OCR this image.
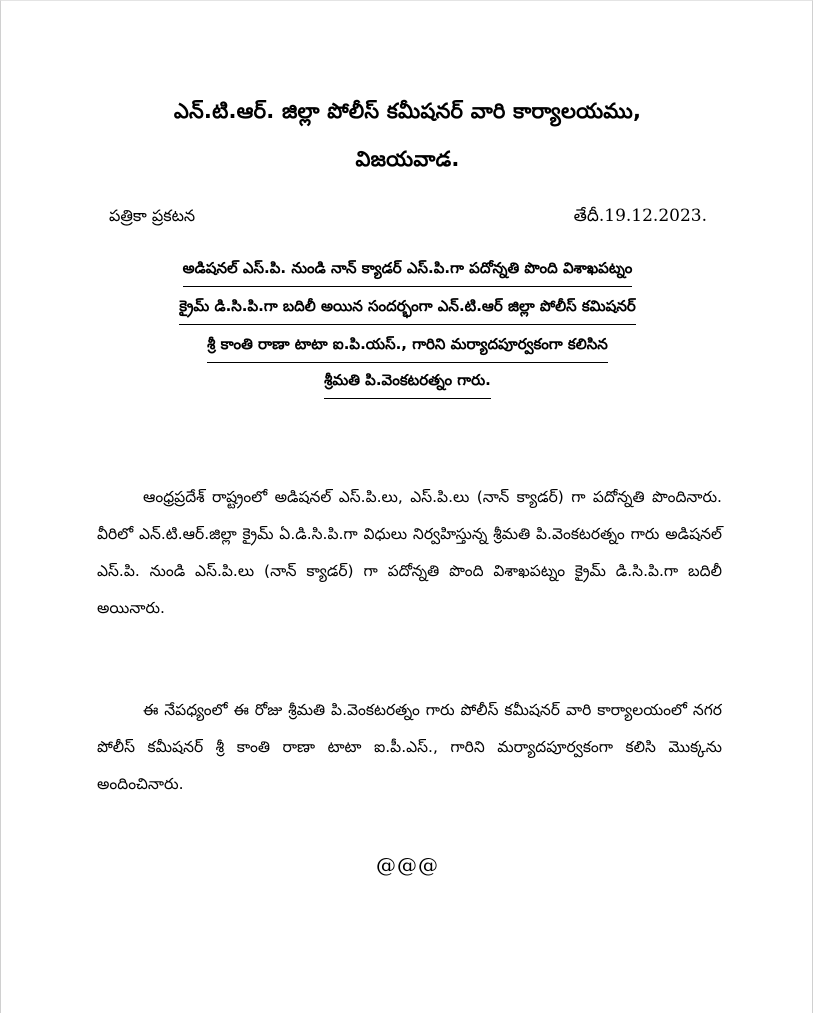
ఎన్.టి.ఆర్. జిల్లా పోలీస్ కమీషనర్ వారి కార్యాలయము,
విజయవాడ.
పత్రికా ప్రకటన	తేదీ.19.12.2023.
అడిషనల్ ఎస్.పి. నుండి నాన్ క్యాడర్ ఎస్.పి.గా పదోన్నతి పొంది విశాఖపట్నం
క్రైమ్ డి.సి.పి.గా బదిలీ అయిన సందర్భంగా ఎన్.టి.ఆర్ జిల్లా పోలీస్ కమిషనర్
శ్రీ కాంతి రాణా టాటా ఐ.పి.యస్., గారిని మర్యాదపూర్వకంగా కలిసిన
శ్రీమతి పి.వెంకటరత్నం గారు.

ఆంధ్రప్రదేశ్ రాష్ట్రంలో అడిషనల్ ఎస్.పి.లు, ఎస్.పి.లు (నాన్ క్యాడర్) గా పదోన్నతి పొందినారు. వీరిలో ఎన్.టి.ఆర్.జిల్లా క్రైమ్ ఏ.డి.సి.పి.గా విధులు నిర్వహిస్తున్న శ్రీమతి పి.వెంకటరత్నం గారు అడిషనల్ ఎస్.పి. నుండి ఎస్.పి.లు (నాన్ క్యాడర్) గా పదోన్నతి పొంది విశాఖపట్నం క్రైమ్ డి.సి.పి.గా బదిలీ అయినారు.

ఈ నేపధ్యంలో ఈ రోజు శ్రీమతి పి.వెంకటరత్నం గారు పోలీస్ కమీషనర్ వారి కార్యాలయంలో నగర పోలీస్ కమీషనర్ శ్రీ కాంతి రాణా టాటా ఐ.పీ.ఎస్., గారిని మర్యాదపూర్వకంగా కలిసి మొక్కను అందించినారు.

@@@
